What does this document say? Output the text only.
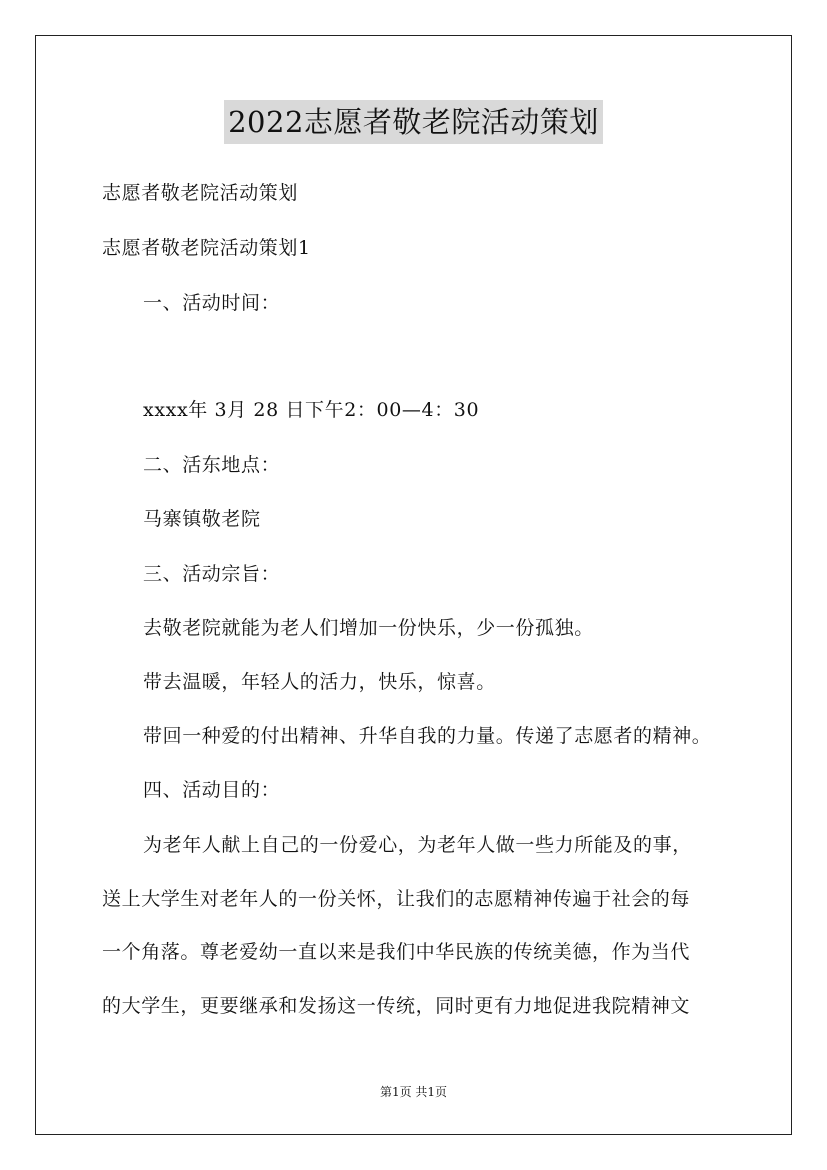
2022志愿者敬老院活动策划
志愿者敬老院活动策划
志愿者敬老院活动策划1
一、活动时间：
xxxx年 3月 28 日下午2：00—4：30
二、活东地点：
马寨镇敬老院
三、活动宗旨：
去敬老院就能为老人们增加一份快乐，少一份孤独。
带去温暖，年轻人的活力，快乐，惊喜。
带回一种爱的付出精神、升华自我的力量。传递了志愿者的精神。
四、活动目的：
为老年人献上自己的一份爱心，为老年人做一些力所能及的事，
送上大学生对老年人的一份关怀，让我们的志愿精神传遍于社会的每
一个角落。尊老爱幼一直以来是我们中华民族的传统美德，作为当代
的大学生，更要继承和发扬这一传统，同时更有力地促进我院精神文
第1页 共1页
